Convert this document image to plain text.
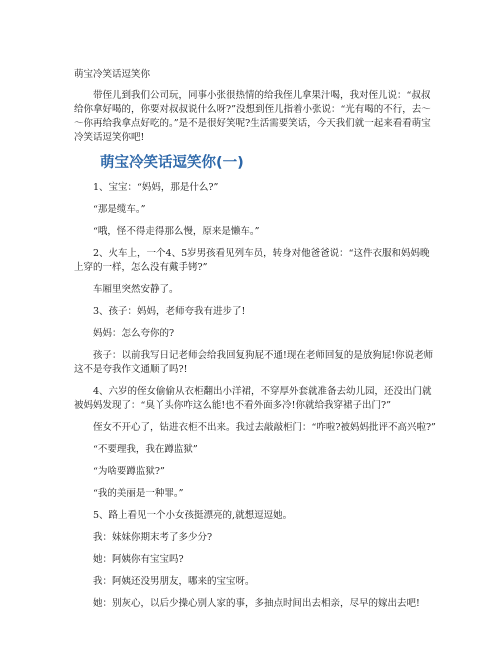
萌宝冷笑话逗笑你

带侄儿到我们公司玩，同事小张很热情的给我侄儿拿果汁喝，我对侄儿说：“叔叔给你拿好喝的，你要对叔叔说什么呀?”没想到侄儿指着小张说：“光有喝的不行，去～～你再给我拿点好吃的。”是不是很好笑呢?生活需要笑话，今天我们就一起来看看萌宝冷笑话逗笑你吧!

萌宝冷笑话逗笑你(一)

1、宝宝：“妈妈，那是什么?”

“那是缆车。”

“哦，怪不得走得那么慢，原来是懒车。”

2、火车上，一个4、5岁男孩看见列车员，转身对他爸爸说：“这件衣服和妈妈晚上穿的一样，怎么没有戴手铐?”

车厢里突然安静了。

3、孩子：妈妈，老师夸我有进步了!

妈妈：怎么夸你的?

孩子：以前我写日记老师会给我回复狗屁不通!现在老师回复的是放狗屁!你说老师这不是夸我作文通顺了吗?!

4、六岁的侄女偷偷从衣柜翻出小洋裙，不穿厚外套就准备去幼儿园，还没出门就被妈妈发现了：“臭丫头你咋这么能!也不看外面多冷!你就给我穿裙子出门?”

侄女不开心了，钻进衣柜不出来。我过去敲敲柜门：“咋啦?被妈妈批评不高兴啦?”

“不要理我，我在蹲监狱”

“为啥要蹲监狱?”

“我的美丽是一种罪。”

5、路上看见一个小女孩挺漂亮的,就想逗逗她。

我：妹妹你期末考了多少分?

她：阿姨你有宝宝吗?

我：阿姨还没男朋友，哪来的宝宝呀。

她：别灰心，以后少操心别人家的事，多抽点时间出去相亲，尽早的嫁出去吧!
